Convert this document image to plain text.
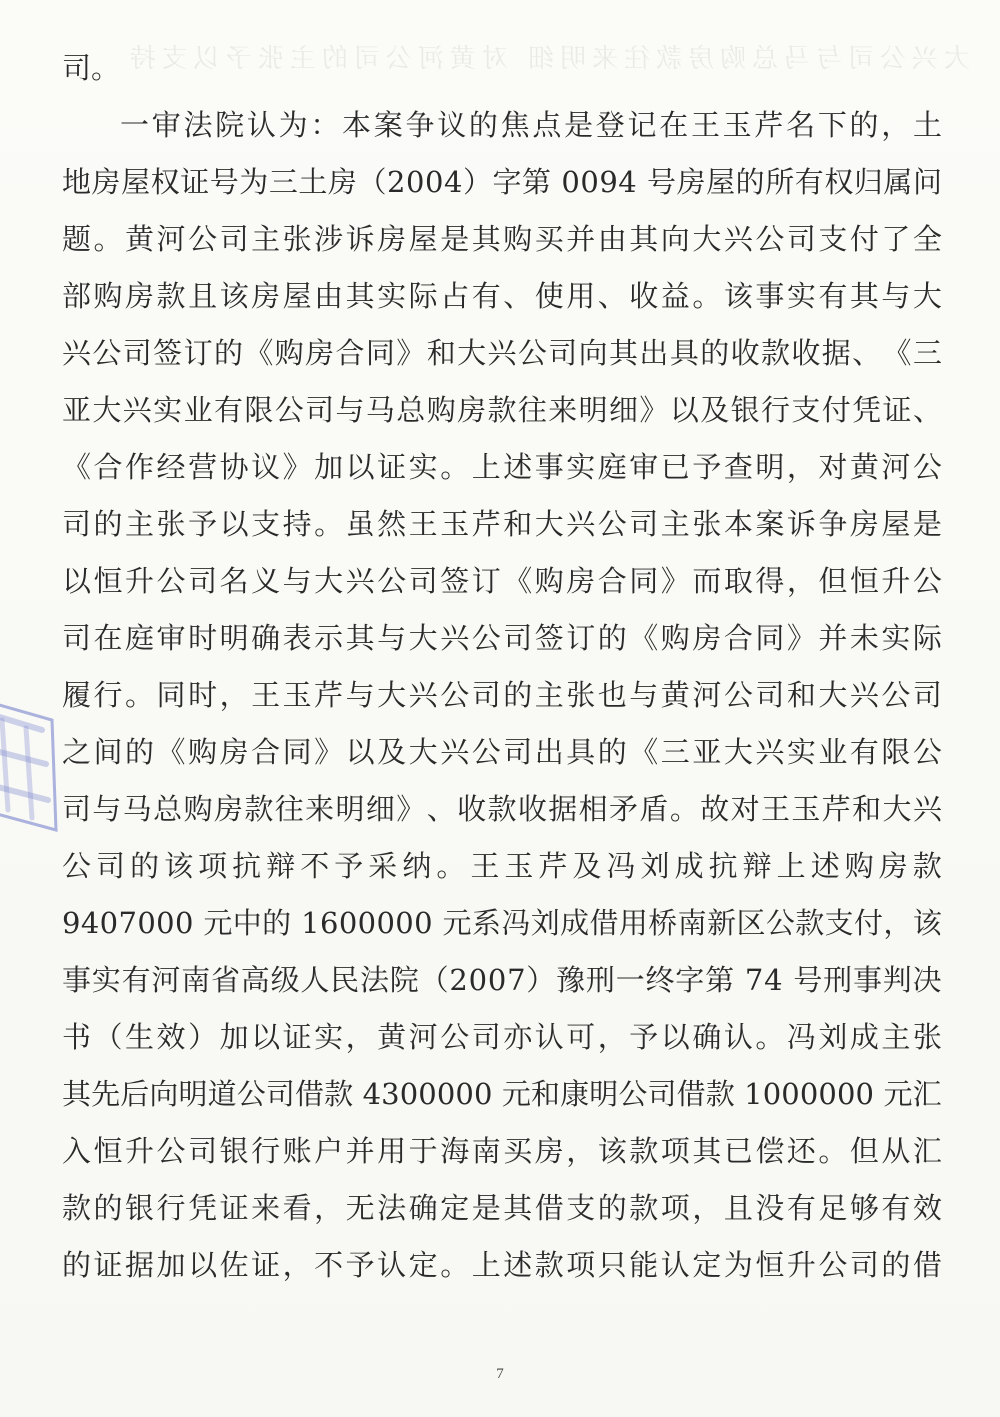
大兴公司与马总购房款往来明细 对黄河公司的主张予以支持
司。
一 审 法 院 认 为 ： 本 案 争 议 的 焦 点 是 登 记 在 王 玉 芹 名 下 的 ， 土
地 房 屋 权 证 号 为 三 土 房 （ 2 0 0 4 ） 字 第
0 0 9 4
号 房 屋 的 所 有 权 归 属 问
题 。 黄 河 公 司 主 张 涉 诉 房 屋 是 其 购 买 并 由 其 向 大 兴 公 司 支 付 了 全
部 购 房 款 且 该 房 屋 由 其 实 际 占 有 、 使 用 、 收 益 。 该 事 实 有 其 与 大
兴 公 司 签 订 的 《 购 房 合 同 》 和 大 兴 公 司 向 其 出 具 的 收 款 收 据 、 《 三
亚 大 兴 实 业 有 限 公 司 与 马 总 购 房 款 往 来 明 细 》 以 及 银 行 支 付 凭 证 、
《 合 作 经 营 协 议 》 加 以 证 实 。 上 述 事 实 庭 审 已 予 查 明 ， 对 黄 河 公
司 的 主 张 予 以 支 持 。 虽 然 王 玉 芹 和 大 兴 公 司 主 张 本 案 诉 争 房 屋 是
以 恒 升 公 司 名 义 与 大 兴 公 司 签 订 《 购 房 合 同 》 而 取 得 ， 但 恒 升 公
司 在 庭 审 时 明 确 表 示 其 与 大 兴 公 司 签 订 的 《 购 房 合 同 》 并 未 实 际
履 行 。 同 时 ， 王 玉 芹 与 大 兴 公 司 的 主 张 也 与 黄 河 公 司 和 大 兴 公 司
之 间 的 《 购 房 合 同 》 以 及 大 兴 公 司 出 具 的 《 三 亚 大 兴 实 业 有 限 公
司 与 马 总 购 房 款 往 来 明 细 》 、 收 款 收 据 相 矛 盾 。 故 对 王 玉 芹 和 大 兴
公 司 的 该 项 抗 辩 不 予 采 纳 。 王 玉 芹 及 冯 刘 成 抗 辩 上 述 购 房 款
9 4 0 7 0 0 0
元 中 的
1 6 0 0 0 0 0
元 系 冯 刘 成 借 用 桥 南 新 区 公 款 支 付 ， 该
事 实 有 河 南 省 高 级 人 民 法 院 （ 2 0 0 7 ） 豫 刑 一 终 字 第
7 4
号 刑 事 判 决
书 （ 生 效 ） 加 以 证 实 ， 黄 河 公 司 亦 认 可 ， 予 以 确 认 。 冯 刘 成 主 张
其 先 后 向 明 道 公 司 借 款
4 3 0 0 0 0 0
元 和 康 明 公 司 借 款
1 0 0 0 0 0 0
元 汇
入 恒 升 公 司 银 行 账 户 并 用 于 海 南 买 房 ， 该 款 项 其 已 偿 还 。 但 从 汇
款 的 银 行 凭 证 来 看 ， 无 法 确 定 是 其 借 支 的 款 项 ， 且 没 有 足 够 有 效
的 证 据 加 以 佐 证 ， 不 予 认 定 。 上 述 款 项 只 能 认 定 为 恒 升 公 司 的 借
7
